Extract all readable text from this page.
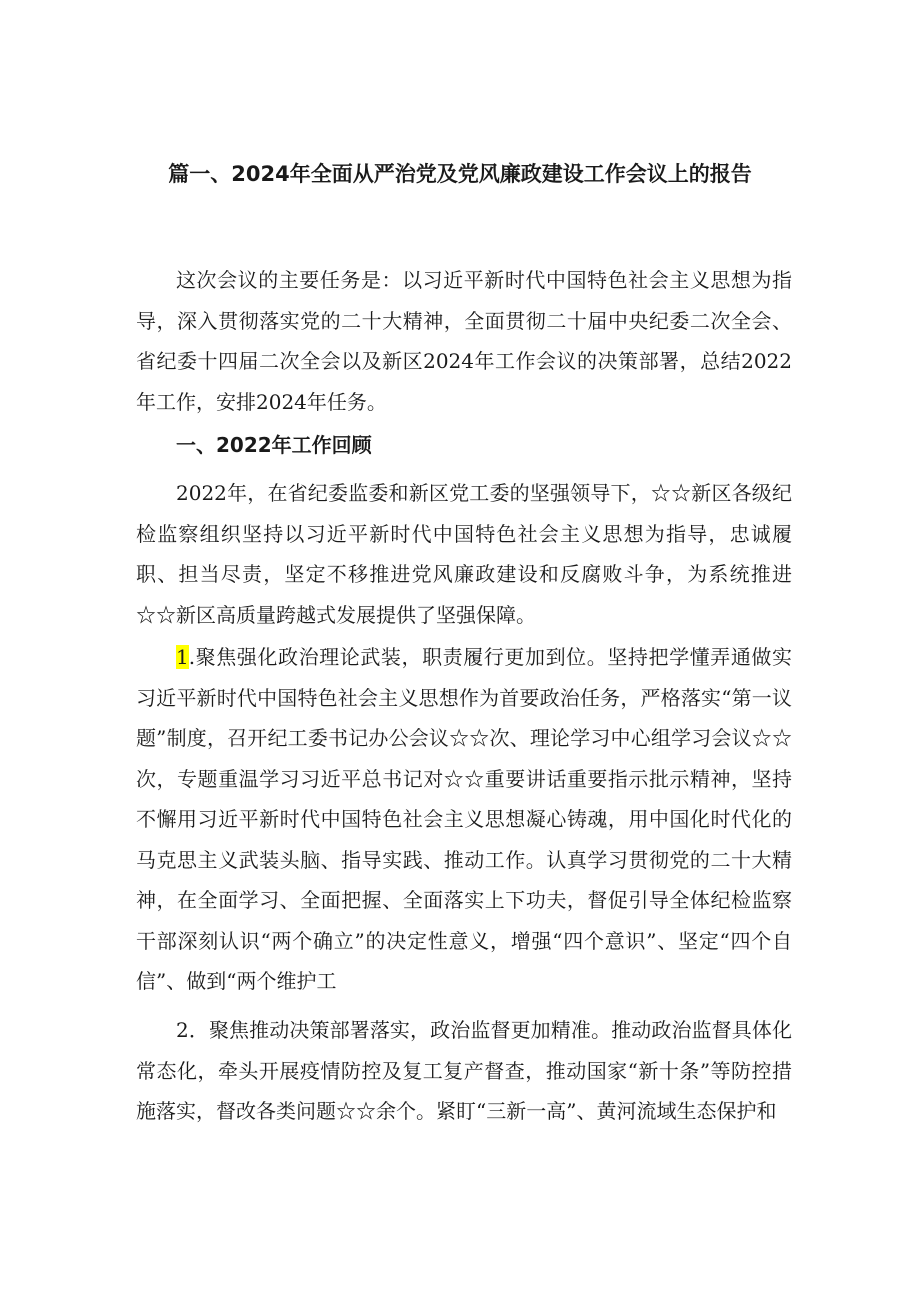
篇一、2024年全面从严治党及党风廉政建设工作会议上的报告

这次会议的主要任务是：以习近平新时代中国特色社会主义思想为指导，深入贯彻落实党的二十大精神，全面贯彻二十届中央纪委二次全会、省纪委十四届二次全会以及新区2024年工作会议的决策部署，总结2022年工作，安排2024年任务。

一、2022年工作回顾

2022年，在省纪委监委和新区党工委的坚强领导下，☆☆新区各级纪检监察组织坚持以习近平新时代中国特色社会主义思想为指导，忠诚履职、担当尽责，坚定不移推进党风廉政建设和反腐败斗争，为系统推进☆☆新区高质量跨越式发展提供了坚强保障。

1.聚焦强化政治理论武装，职责履行更加到位。坚持把学懂弄通做实习近平新时代中国特色社会主义思想作为首要政治任务，严格落实“第一议题”制度，召开纪工委书记办公会议☆☆次、理论学习中心组学习会议☆☆次，专题重温学习习近平总书记对☆☆重要讲话重要指示批示精神，坚持不懈用习近平新时代中国特色社会主义思想凝心铸魂，用中国化时代化的马克思主义武装头脑、指导实践、推动工作。认真学习贯彻党的二十大精神，在全面学习、全面把握、全面落实上下功夫，督促引导全体纪检监察干部深刻认识“两个确立”的决定性意义，增强“四个意识”、坚定“四个自信”、做到“两个维护工

2．聚焦推动决策部署落实，政治监督更加精准。推动政治监督具体化常态化，牵头开展疫情防控及复工复产督查，推动国家“新十条”等防控措施落实，督改各类问题☆☆余个。紧盯“三新一高”、黄河流域生态保护和
